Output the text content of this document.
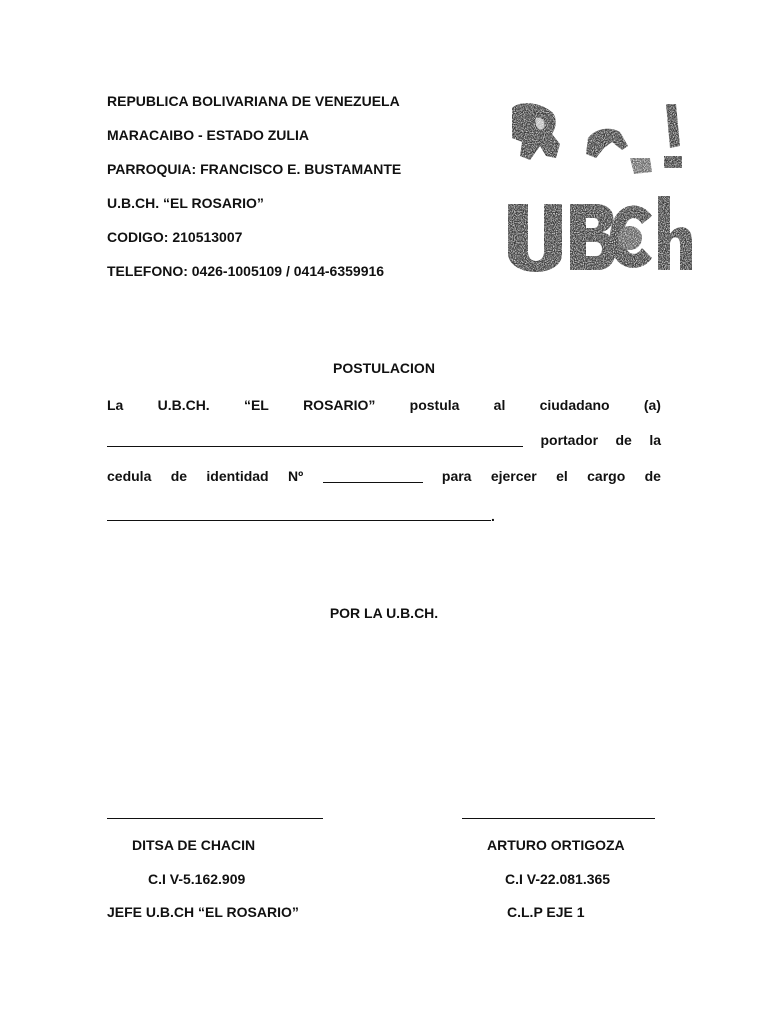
REPUBLICA BOLIVARIANA DE VENEZUELA
MARACAIBO - ESTADO ZULIA
PARROQUIA: FRANCISCO E. BUSTAMANTE
U.B.CH. “EL ROSARIO”
CODIGO: 210513007
TELEFONO: 0426-1005109 / 0414-6359916
POSTULACION
La U.B.CH. “EL ROSARIO” postula al ciudadano (a)
portador de la
cedula de identidad Nº	para ejercer el cargo de
.
POR LA U.B.CH.
DITSA DE CHACIN
C.I V-5.162.909
JEFE U.B.CH “EL ROSARIO”
ARTURO ORTIGOZA
C.I V-22.081.365
C.L.P EJE 1
